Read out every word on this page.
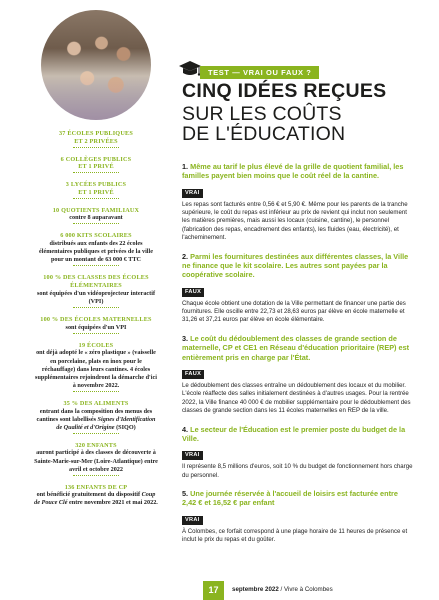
37 ÉCOLES PUBLIQUES
ET 2 PRIVÉES
6 COLLÈGES PUBLICS
ET 1 PRIVÉ
3 LYCÉES PUBLICS
ET 1 PRIVÉ
10 QUOTIENTS FAMILIAUX
contre 8 auparavant
6 000 KITS SCOLAIRES
distribués aux enfants des 22 écoles élémentaires publiques et privées de la ville pour un montant de 63 000 € TTC
100 % DES CLASSES DES ÉCOLES ÉLÉMENTAIRES
sont équipées d'un vidéoprojecteur interactif (VPI)
100 % DES ÉCOLES MATERNELLES
sont équipées d'un VPI
19 ÉCOLES
ont déjà adopté le « zéro plastique » (vaisselle en porcelaine, plats en inox pour le réchauffage) dans leurs cantines. 4 écoles supplémentaires rejoindront la démarche d'ici à novembre 2022.
35 % DES ALIMENTS
entrant dans la composition des menus des cantines sont labellisés Signes d'Identification de Qualité et d'Origine (SIQO)
320 ENFANTS
auront participé à des classes de découverte à Sainte-Marie-sur-Mer (Loire-Atlantique) entre avril et octobre 2022
136 ENFANTS DE CP
ont bénéficié gratuitement du dispositif Coup de Pouce Clé entre novembre 2021 et mai 2022.
TEST — VRAI OU FAUX ?
CINQ IDÉES REÇUES
SUR LES COÛTS
DE L'ÉDUCATION
1. Même au tarif le plus élevé de la grille de quotient familial, les familles payent bien moins que le coût réel de la cantine.
VRAI
Les repas sont facturés entre 0,56 € et 5,90 €. Même pour les parents de la tranche supérieure, le coût du repas est inférieur au prix de revient qui inclut non seulement les matières premières, mais aussi les locaux (cuisine, cantine), le personnel (fabrication des repas, encadrement des enfants), les fluides (eau, électricité), et l'acheminement.
2. Parmi les fournitures destinées aux différentes classes, la Ville ne finance que le kit scolaire. Les autres sont payées par la coopérative scolaire.
FAUX
Chaque école obtient une dotation de la Ville permettant de financer une partie des fournitures. Elle oscille entre 22,73 et 28,63 euros par élève en école maternelle et 31,26 et 37,21 euros par élève en école élémentaire.
3. Le coût du dédoublement des classes de grande section de maternelle, CP et CE1 en Réseau d'éducation prioritaire (REP) est entièrement pris en charge par l'État.
FAUX
Le dédoublement des classes entraîne un dédoublement des locaux et du mobilier. L'école réaffecte des salles initialement destinées à d'autres usages. Pour la rentrée 2022, la Ville finance 40 000 € de mobilier supplémentaire pour le dédoublement des classes de grande section dans les 11 écoles maternelles en REP de la ville.
4. Le secteur de l'Éducation est le premier poste du budget de la Ville.
VRAI
Il représente 8,5 millions d'euros, soit 10 % du budget de fonctionnement hors charge du personnel.
5. Une journée réservée à l'accueil de loisirs est facturée entre 2,42 € et 16,52 € par enfant
VRAI
À Colombes, ce forfait correspond à une plage horaire de 11 heures de présence et inclut le prix du repas et du goûter.
17	septembre 2022 / Vivre à Colombes
